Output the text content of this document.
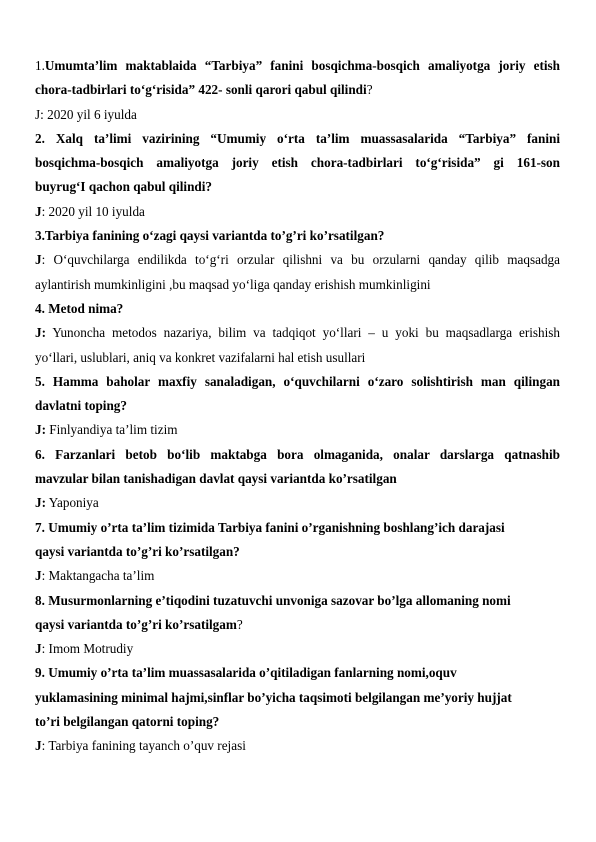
1.Umumta’lim maktablaida “Tarbiya” fanini bosqichma-bosqich amaliyotga joriy etish
chora-tadbirlari to‘g‘risida” 422- sonli qarori qabul qilindi?
J: 2020 yil 6 iyulda
2. Xalq ta’limi vazirining “Umumiy o‘rta ta’lim muassasalarida “Tarbiya” fanini
bosqichma-bosqich amaliyotga joriy etish chora-tadbirlari to‘g‘risida” gi 161-son
buyrug‘I qachon qabul qilindi?
J: 2020 yil 10 iyulda
3.Tarbiya fanining o‘zagi qaysi variantda to’g’ri ko’rsatilgan?
J: O‘quvchilarga endilikda to‘g‘ri orzular qilishni va bu orzularni qanday qilib maqsadga
aylantirish mumkinligini ,bu maqsad yo‘liga qanday erishish mumkinligini
4. Metod nima?
J: Yunoncha metodos nazariya, bilim va tadqiqot yo‘llari – u yoki bu maqsadlarga erishish
yo‘llari, uslublari, aniq va konkret vazifalarni hal etish usullari
5. Hamma baholar maxfiy sanaladigan, o‘quvchilarni o‘zaro solishtirish man qilingan
davlatni toping?
J: Finlyandiya ta’lim tizim
6. Farzanlari betob bo‘lib maktabga bora olmaganida, onalar darslarga qatnashib
mavzular bilan tanishadigan davlat qaysi variantda ko’rsatilgan
J: Yaponiya
7. Umumiy o’rta ta’lim tizimida Tarbiya fanini o’rganishning boshlang’ich darajasi
qaysi variantda to’g’ri ko’rsatilgan?
J: Maktangacha ta’lim
8. Musurmonlarning e’tiqodini tuzatuvchi unvoniga sazovar bo’lga allomaning nomi
qaysi variantda to’g’ri ko’rsatilgam?
J: Imom Motrudiy
9. Umumiy o’rta ta’lim muassasalarida o’qitiladigan fanlarning nomi,oquv
yuklamasining minimal hajmi,sinflar bo’yicha taqsimoti belgilangan me’yoriy hujjat
to’ri belgilangan qatorni toping?
J: Tarbiya fanining tayanch o’quv rejasi
